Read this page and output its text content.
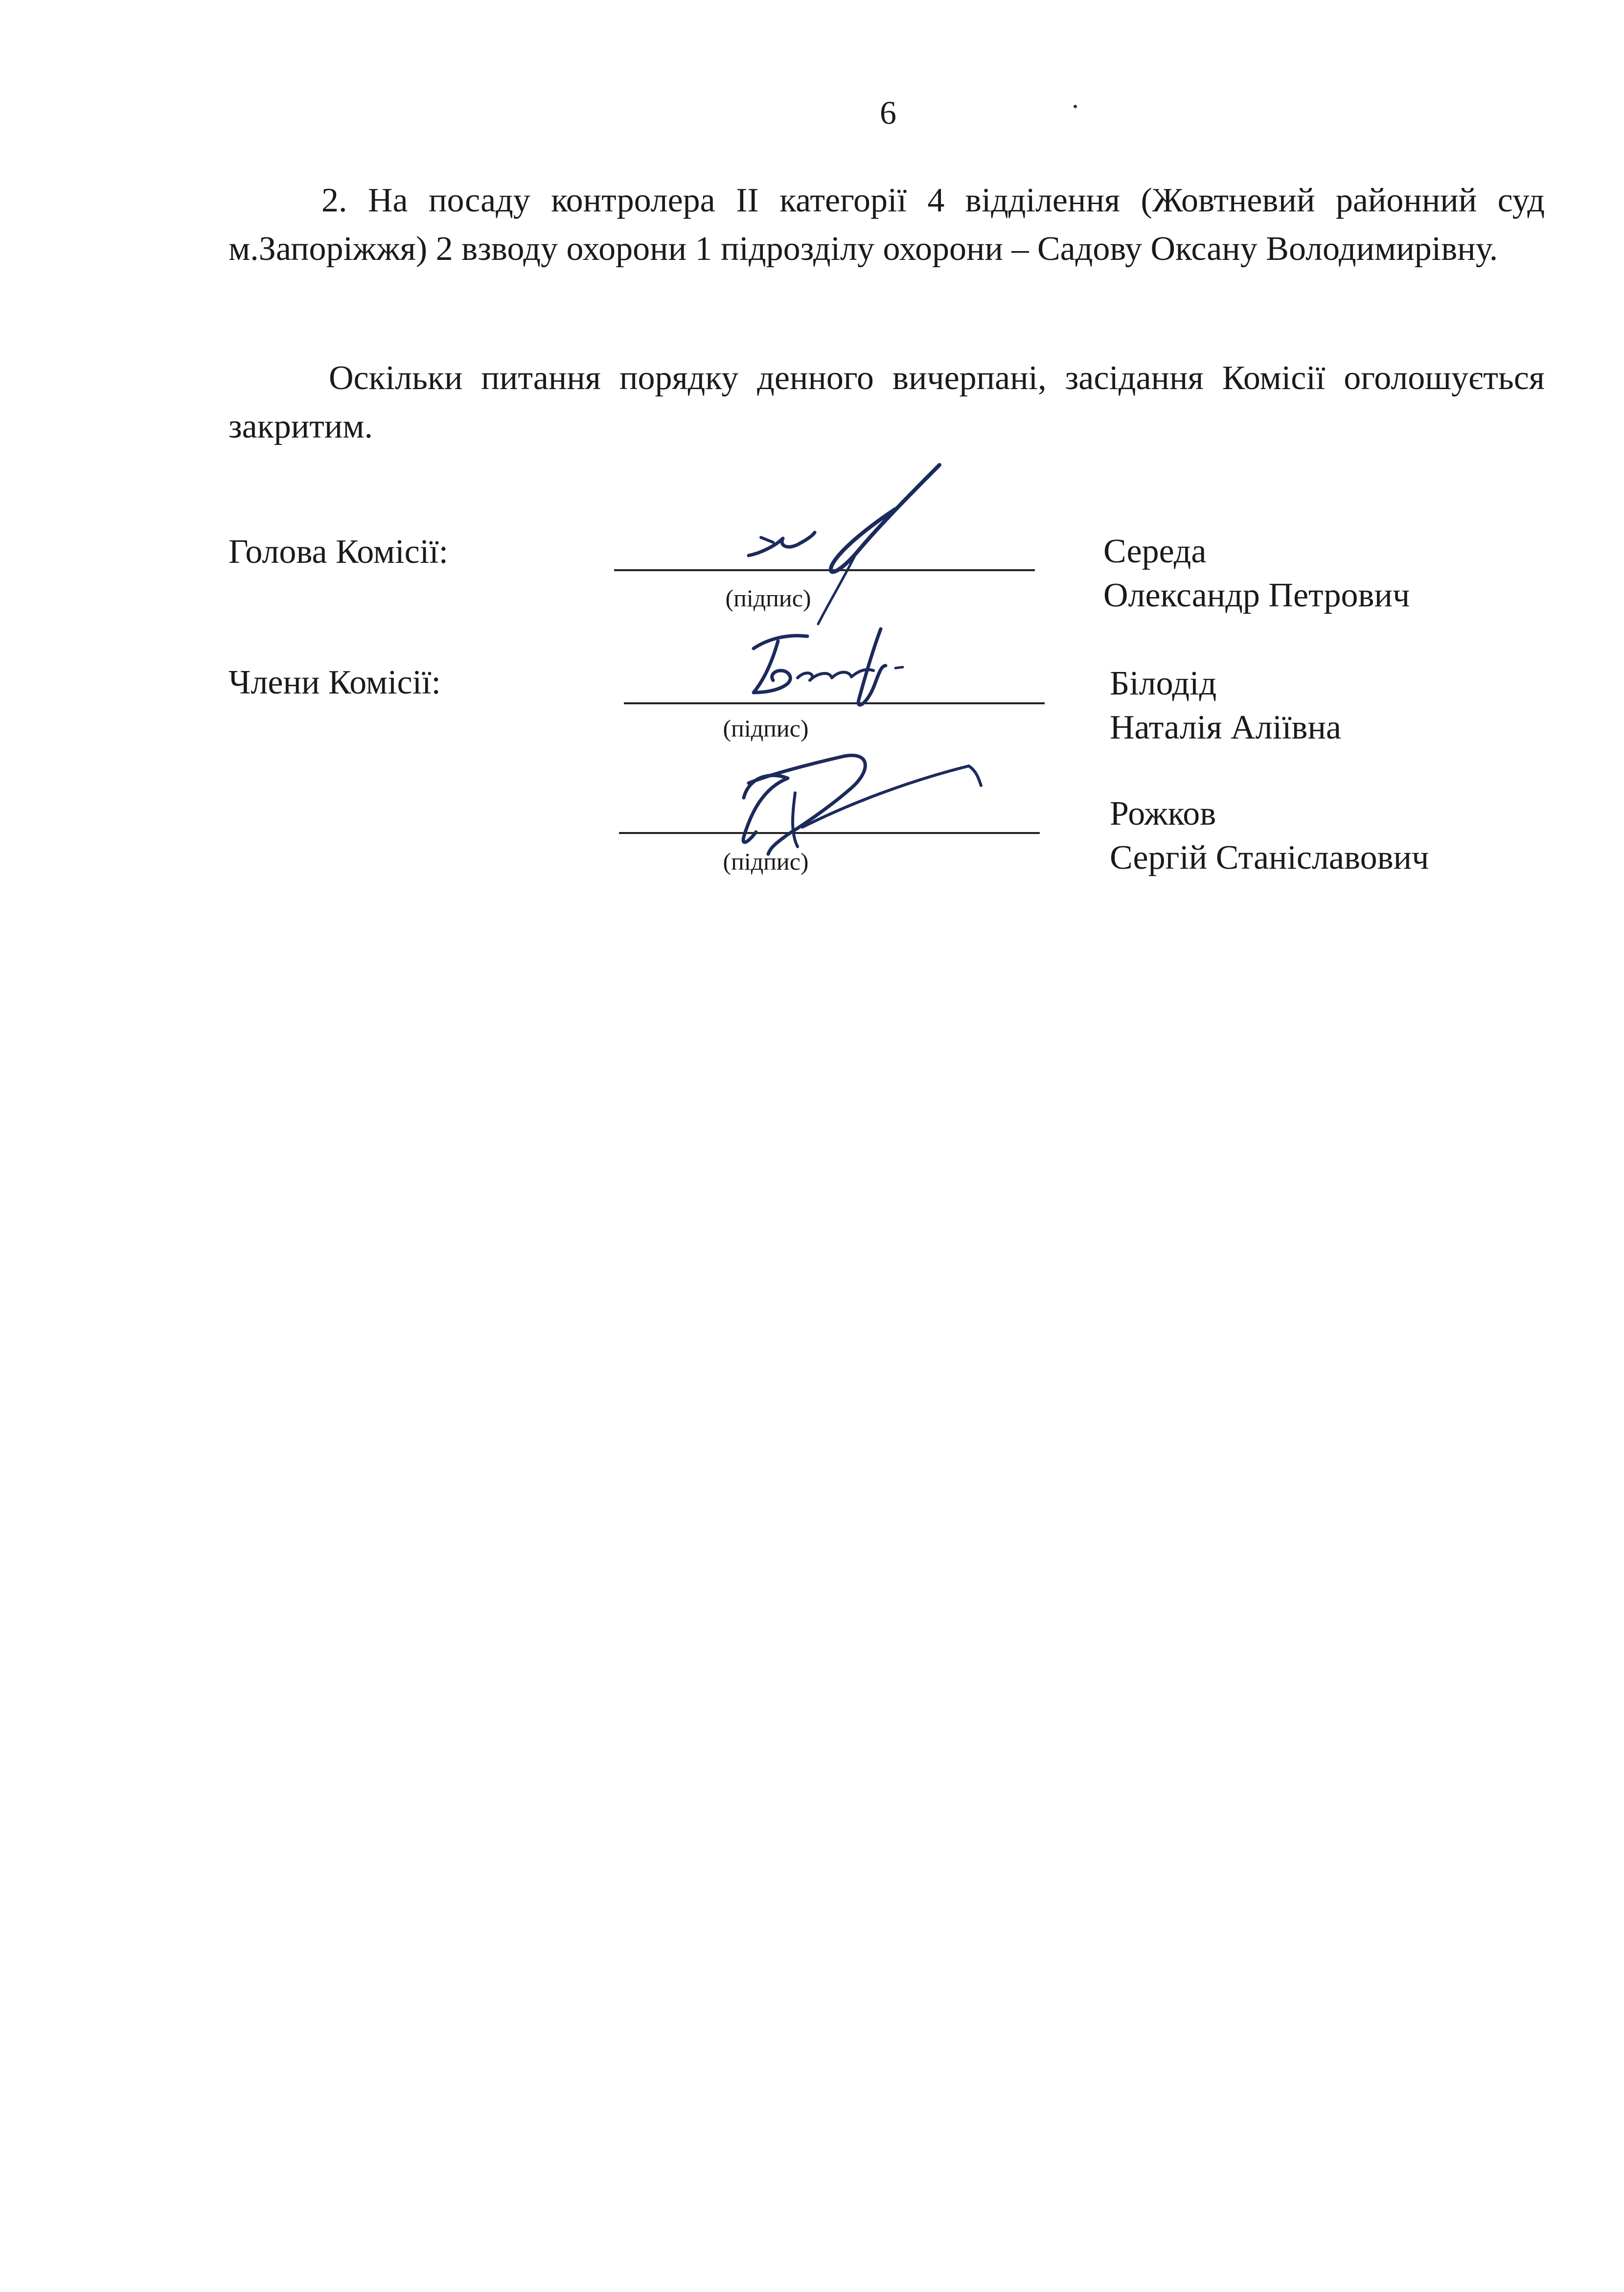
6

2. На посаду контролера ІІ категорії 4 відділення (Жовтневий районний суд м.Запоріжжя) 2 взводу охорони 1 підрозділу охорони – Садову Оксану Володимирівну.

Оскільки питання порядку денного вичерпані, засідання Комісії оголошується закритим.

Голова Комісії:
(підпис)
Середа
Олександр Петрович
Члени Комісії:
(підпис)
Білодід
Наталія Аліївна
(підпис)
Рожков
Сергій Станіславович
